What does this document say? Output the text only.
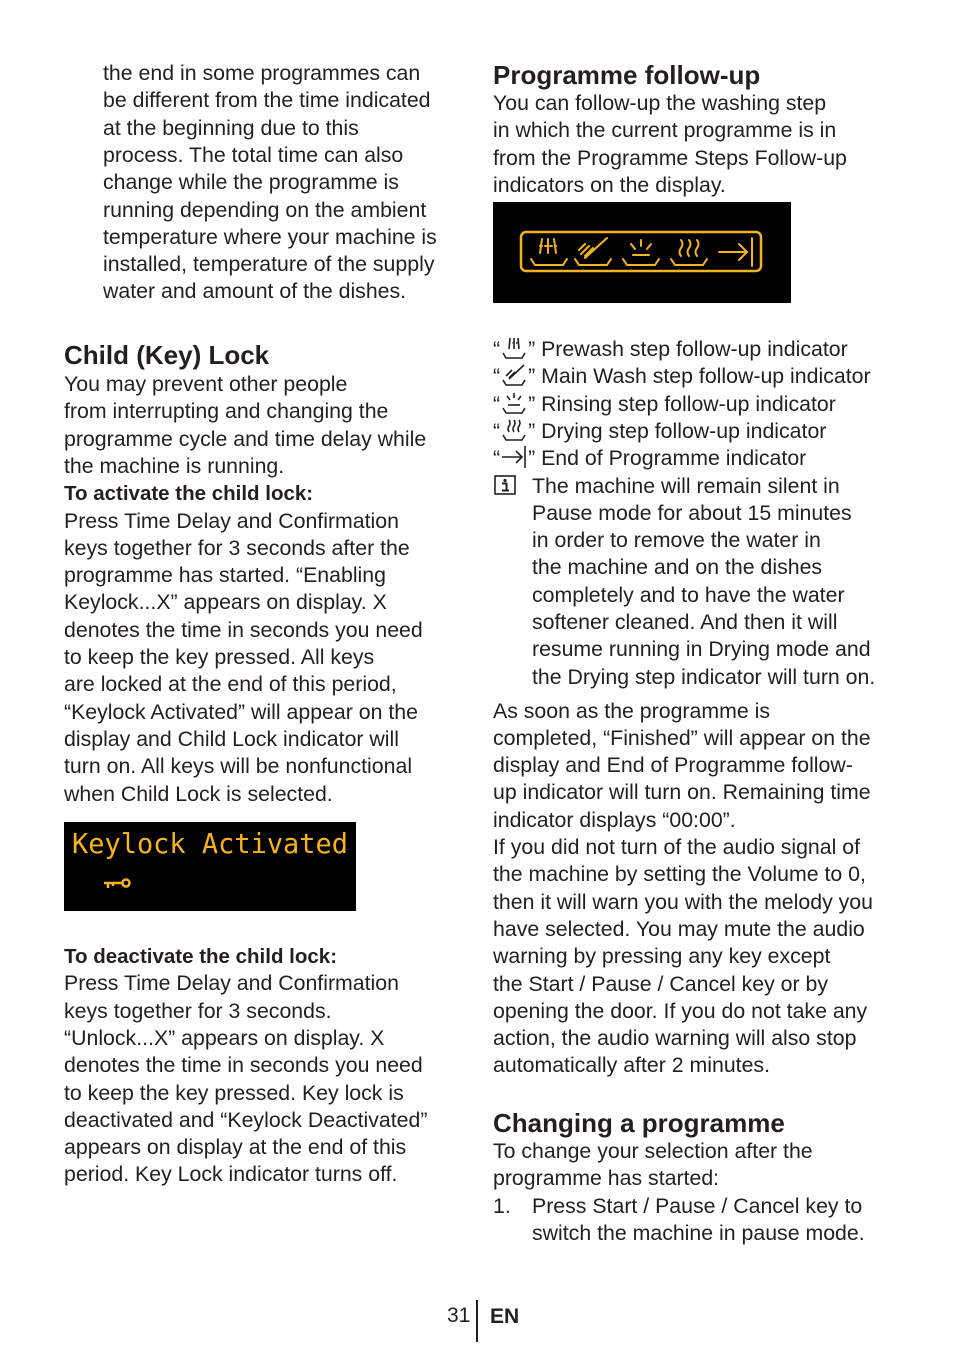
the end in some programmes can

be different from the time indicated

at the beginning due to this

process. The total time can also

change while the programme is

running depending on the ambient

temperature where your machine is

installed, temperature of the supply

water and amount of the dishes.

Child (Key) Lock

You may prevent other people

from interrupting and changing the

programme cycle and time delay while

the machine is running.

To activate the child lock:

Press Time Delay and Confirmation

keys together for 3 seconds after the

programme has started. “Enabling

Keylock...X” appears on display. X

denotes the time in seconds you need

to keep the key pressed. All keys

are locked at the end of this period,

“Keylock Activated” will appear on the

display and Child Lock indicator will

turn on. All keys will be nonfunctional

when Child Lock is selected.

Keylock Activated

To deactivate the child lock:

Press Time Delay and Confirmation

keys together for 3 seconds.

“Unlock...X” appears on display. X

denotes the time in seconds you need

to keep the key pressed. Key lock is

deactivated and “Keylock Deactivated”

appears on display at the end of this

period. Key Lock indicator turns off.

Programme follow-up

You can follow-up the washing step

in which the current programme is in

from the Programme Steps Follow-up

indicators on the display.

“ ” Prewash step follow-up indicator
“ ” Main Wash step follow-up indicator
“ ” Rinsing step follow-up indicator
“ ” Drying step follow-up indicator
“ ” End of Programme indicator

The machine will remain silent in

Pause mode for about 15 minutes

in order to remove the water in

the machine and on the dishes

completely and to have the water

softener cleaned. And then it will

resume running in Drying mode and

the Drying step indicator will turn on.

As soon as the programme is

completed, “Finished” will appear on the

display and End of Programme follow-

up indicator will turn on. Remaining time

indicator displays “00:00”.

If you did not turn of the audio signal of

the machine by setting the Volume to 0,

then it will warn you with the melody you

have selected. You may mute the audio

warning by pressing any key except

the Start / Pause / Cancel key or by

opening the door. If you do not take any

action, the audio warning will also stop

automatically after 2 minutes.

Changing a programme

To change your selection after the

programme has started:

1. Press Start / Pause / Cancel key to

switch the machine in pause mode.

31 EN
